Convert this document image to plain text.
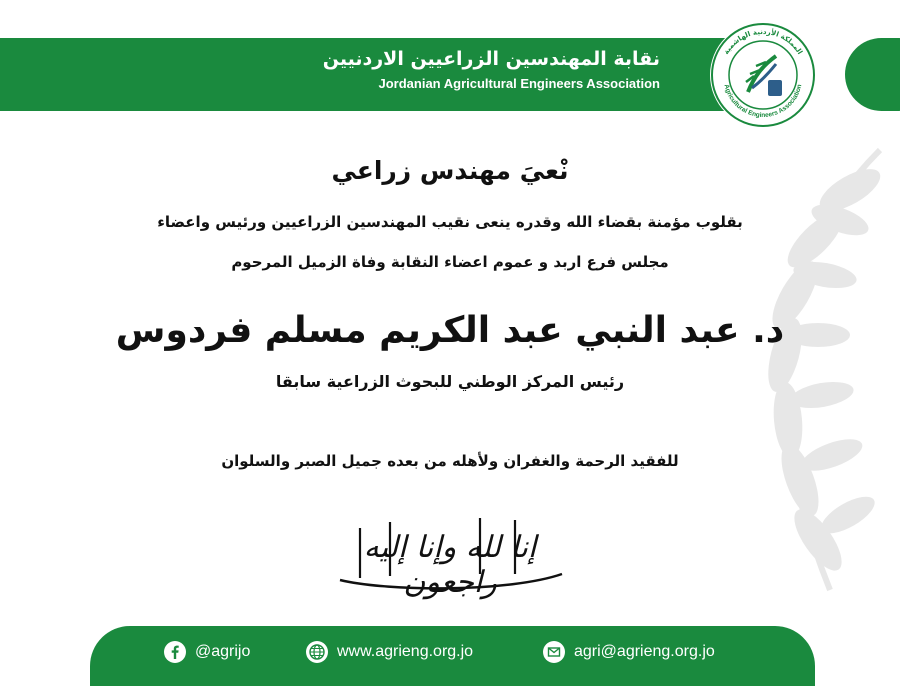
نقابة المهندسين الزراعيين الاردنيين
Jordanian Agricultural Engineers Association
المملكة الأردنية الهاشمية
Agricultural Engineers Association
نْعيَ مهندس زراعي
بقلوب مؤمنة بقضاء الله وقدره ينعى نقيب المهندسين الزراعيين ورئيس واعضاء
مجلس فرع اربد و عموم اعضاء النقابة وفاة الزميل المرحوم
د. عبد النبي عبد الكريم مسلم فردوس
رئيس المركز الوطني للبحوث الزراعية سابقا
للفقيد الرحمة والغفران ولأهله من بعده جميل الصبر والسلوان
إنا لله وإنا إليه راجعون
@agrijo	www.agrieng.org.jo	agri@agrieng.org.jo
